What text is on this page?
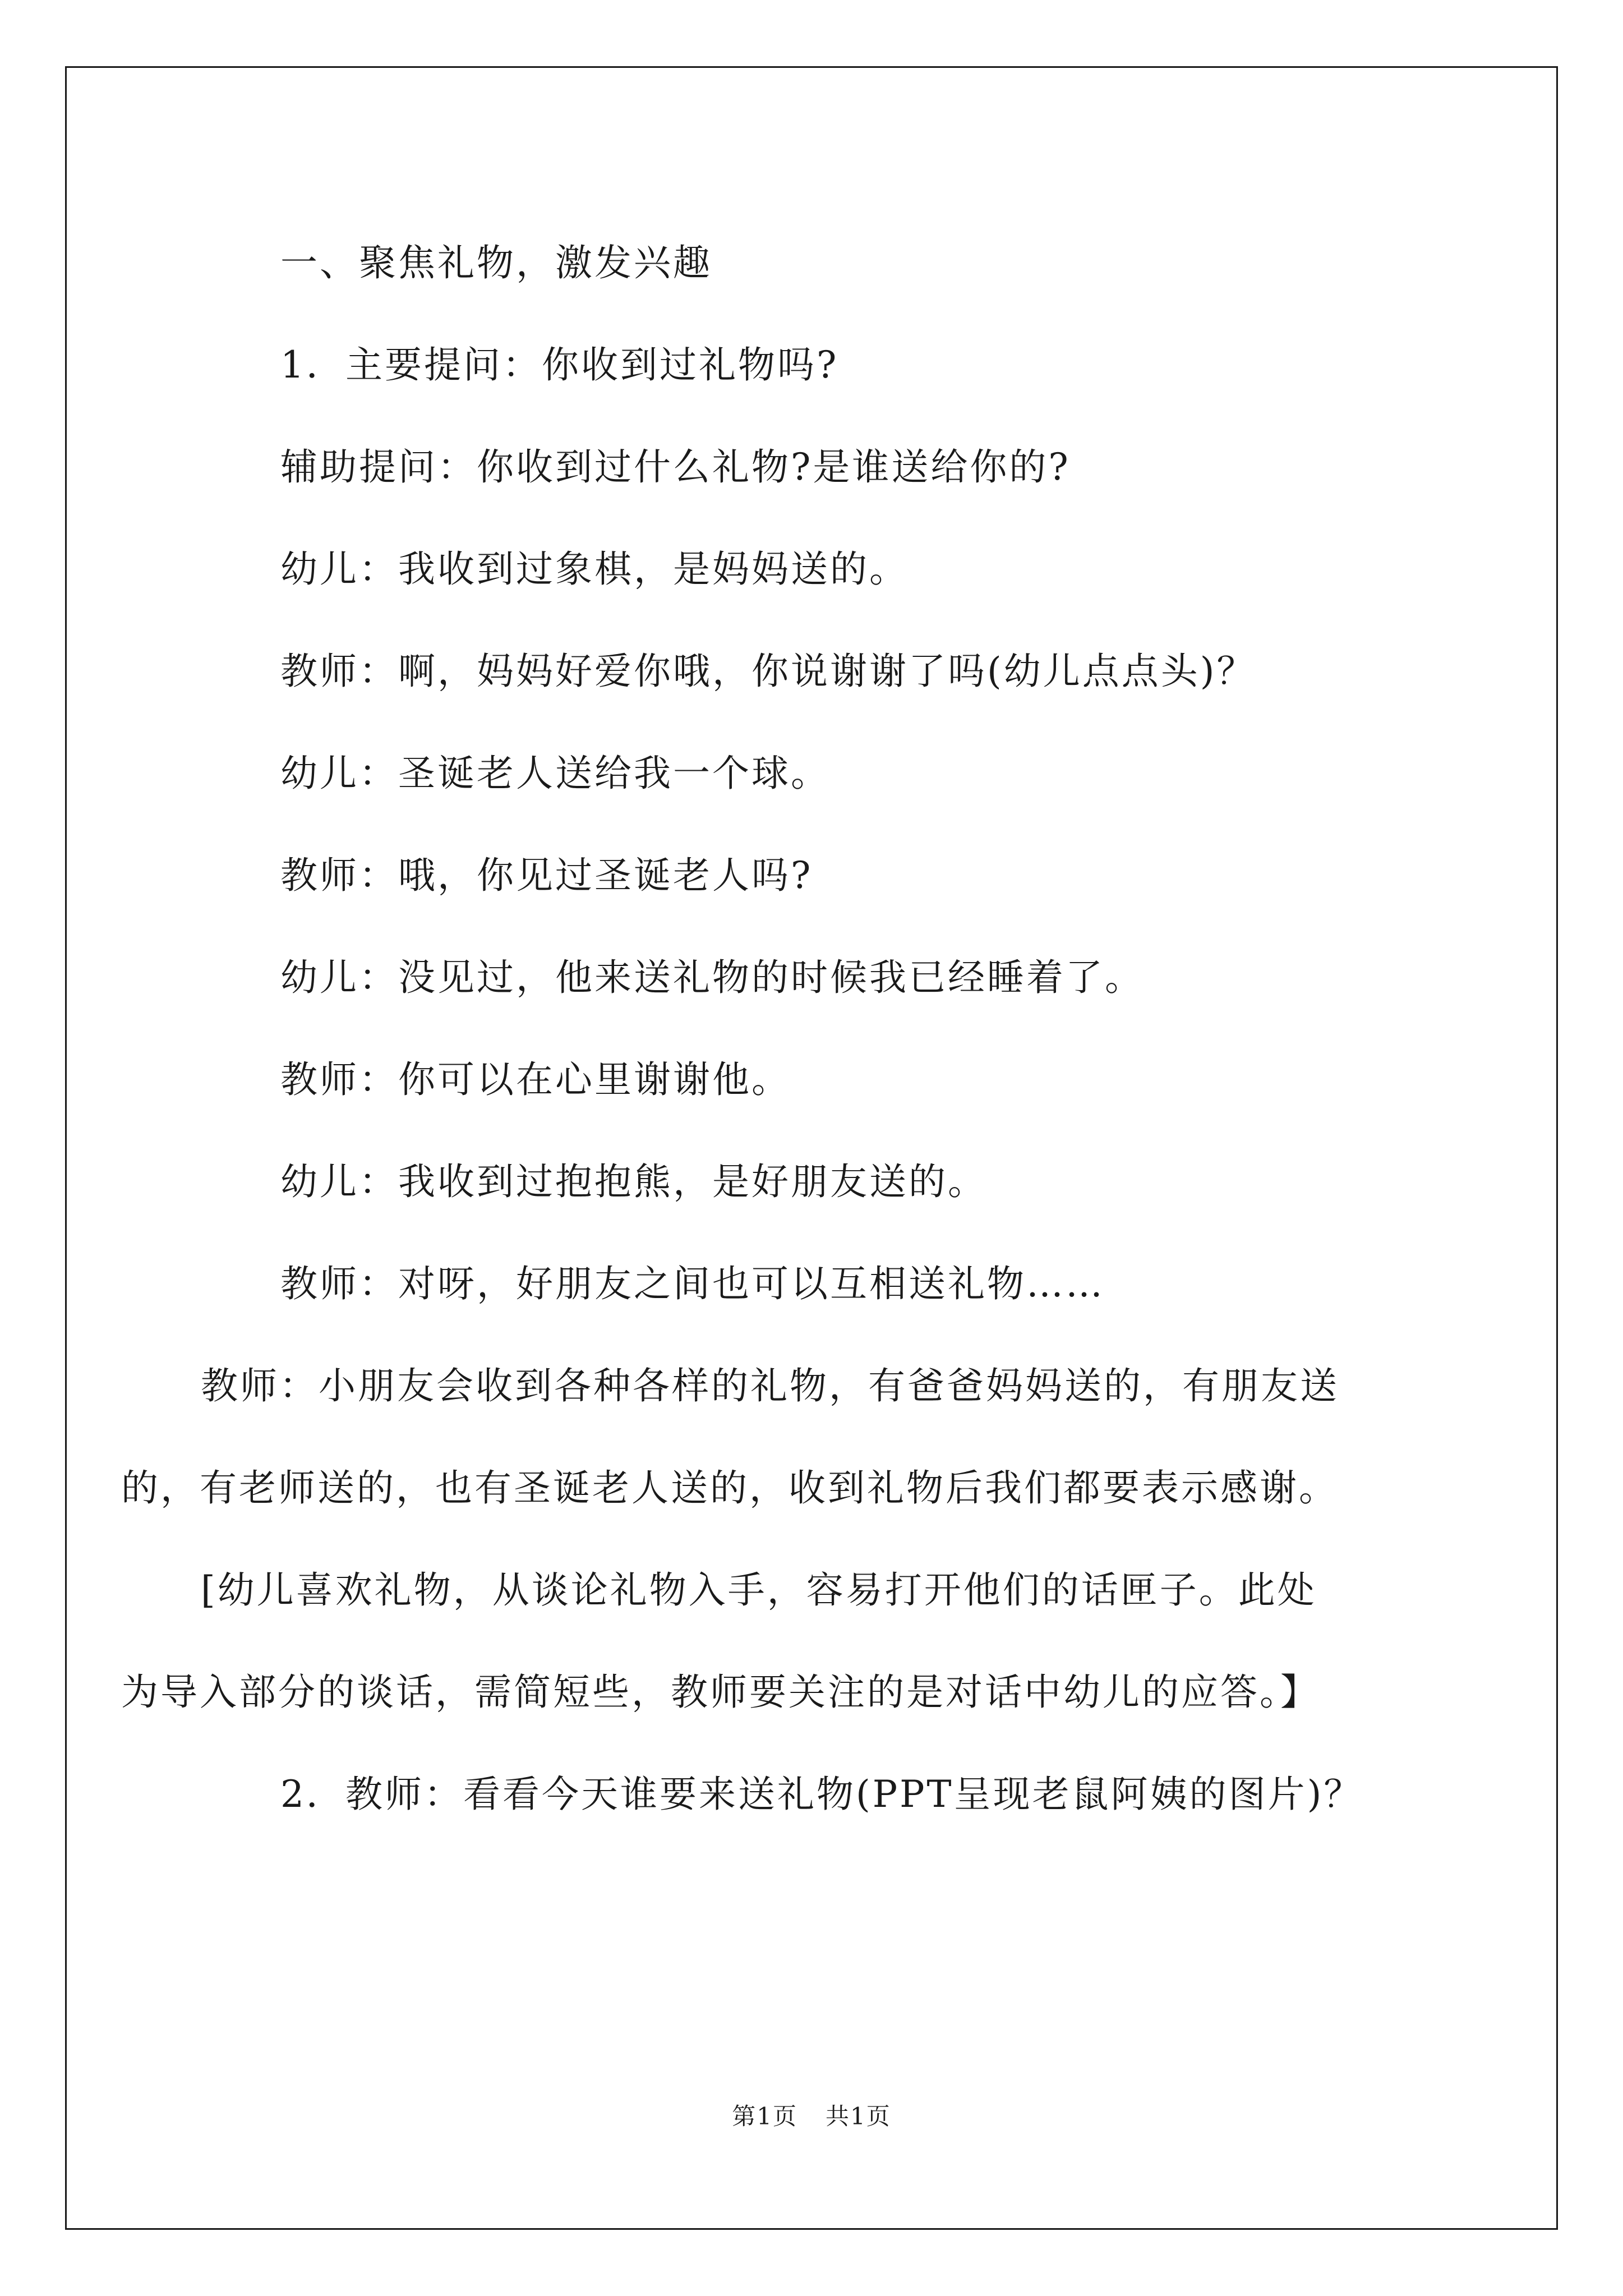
一、聚焦礼物，激发兴趣

1．主要提问：你收到过礼物吗?

辅助提问：你收到过什么礼物?是谁送给你的?

幼儿：我收到过象棋，是妈妈送的。

教师：啊，妈妈好爱你哦，你说谢谢了吗(幼儿点点头)？

幼儿：圣诞老人送给我一个球。

教师：哦，你见过圣诞老人吗?

幼儿：没见过，他来送礼物的时候我已经睡着了。

教师：你可以在心里谢谢他。

幼儿：我收到过抱抱熊，是好朋友送的。

教师：对呀，好朋友之间也可以互相送礼物……

教师：小朋友会收到各种各样的礼物，有爸爸妈妈送的，有朋友送的，有老师送的，也有圣诞老人送的，收到礼物后我们都要表示感谢。

[幼儿喜欢礼物，从谈论礼物入手，容易打开他们的话匣子。此处为导入部分的谈话，需简短些，教师要关注的是对话中幼儿的应答。】

2．教师：看看今天谁要来送礼物(PPT呈现老鼠阿姨的图片)？

第1页 共1页
